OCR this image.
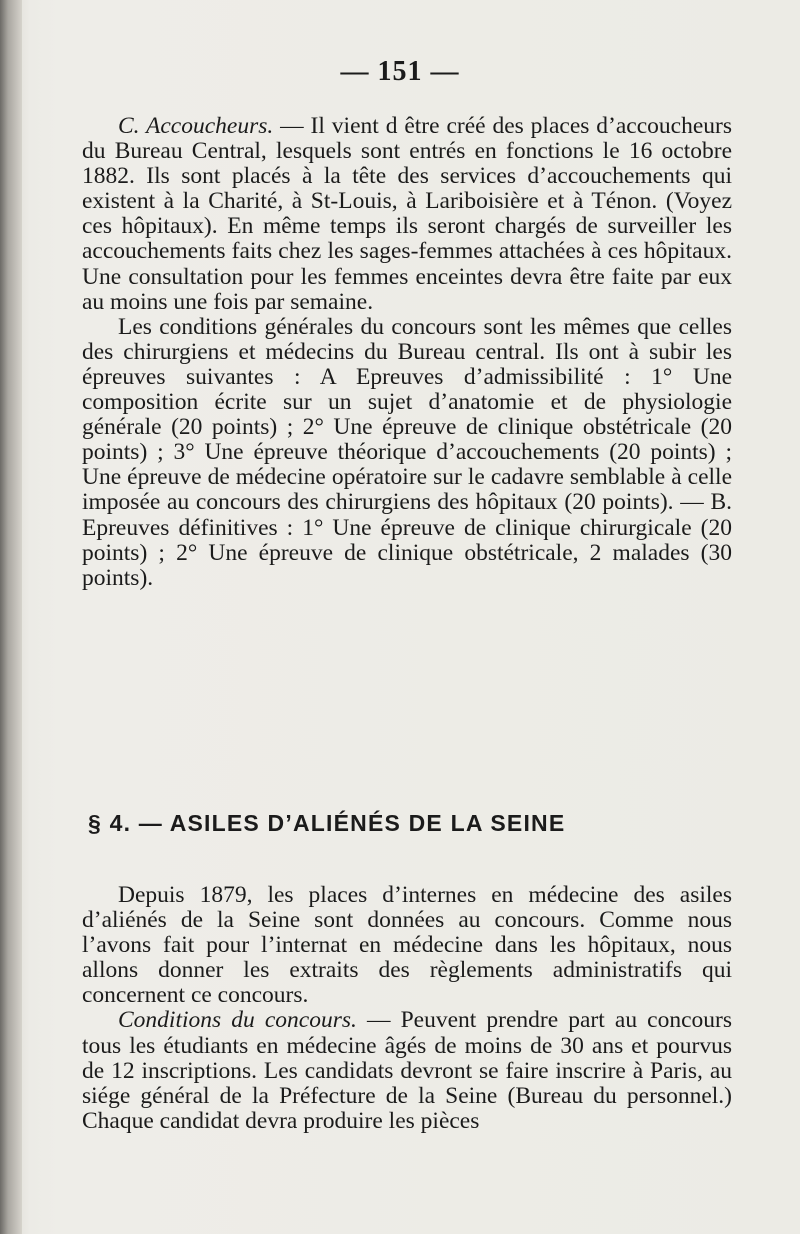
— 151 —

C. Accoucheurs. — Il vient d être créé des places d’accoucheurs du Bureau Central, lesquels sont entrés en fonctions le 16 octobre 1882. Ils sont placés à la tête des services d’accouchements qui existent à la Charité, à St-Louis, à Lariboisière et à Ténon. (Voyez ces hôpitaux). En même temps ils seront chargés de surveiller les accouchements faits chez les sages-femmes attachées à ces hôpitaux. Une consultation pour les femmes enceintes devra être faite par eux au moins une fois par semaine.

Les conditions générales du concours sont les mêmes que celles des chirurgiens et médecins du Bureau central. Ils ont à subir les épreuves suivantes : A Epreuves d’admissibilité : 1° Une composition écrite sur un sujet d’anatomie et de physiologie générale (20 points) ; 2° Une épreuve de clinique obstétricale (20 points) ; 3° Une épreuve théorique d’accouchements (20 points) ; Une épreuve de médecine opératoire sur le cadavre semblable à celle imposée au concours des chirurgiens des hôpitaux (20 points). — B. Epreuves définitives : 1° Une épreuve de clinique chirurgicale (20 points) ; 2° Une épreuve de clinique obstétricale, 2 malades (30 points).

§ 4. — ASILES D’ALIÉNÉS DE LA SEINE

Depuis 1879, les places d’internes en médecine des asiles d’aliénés de la Seine sont données au concours. Comme nous l’avons fait pour l’internat en médecine dans les hôpitaux, nous allons donner les extraits des règlements administratifs qui concernent ce concours.

Conditions du concours. — Peuvent prendre part au concours tous les étudiants en médecine âgés de moins de 30 ans et pourvus de 12 inscriptions. Les candidats devront se faire inscrire à Paris, au siége général de la Préfecture de la Seine (Bureau du personnel.) Chaque candidat devra produire les pièces
